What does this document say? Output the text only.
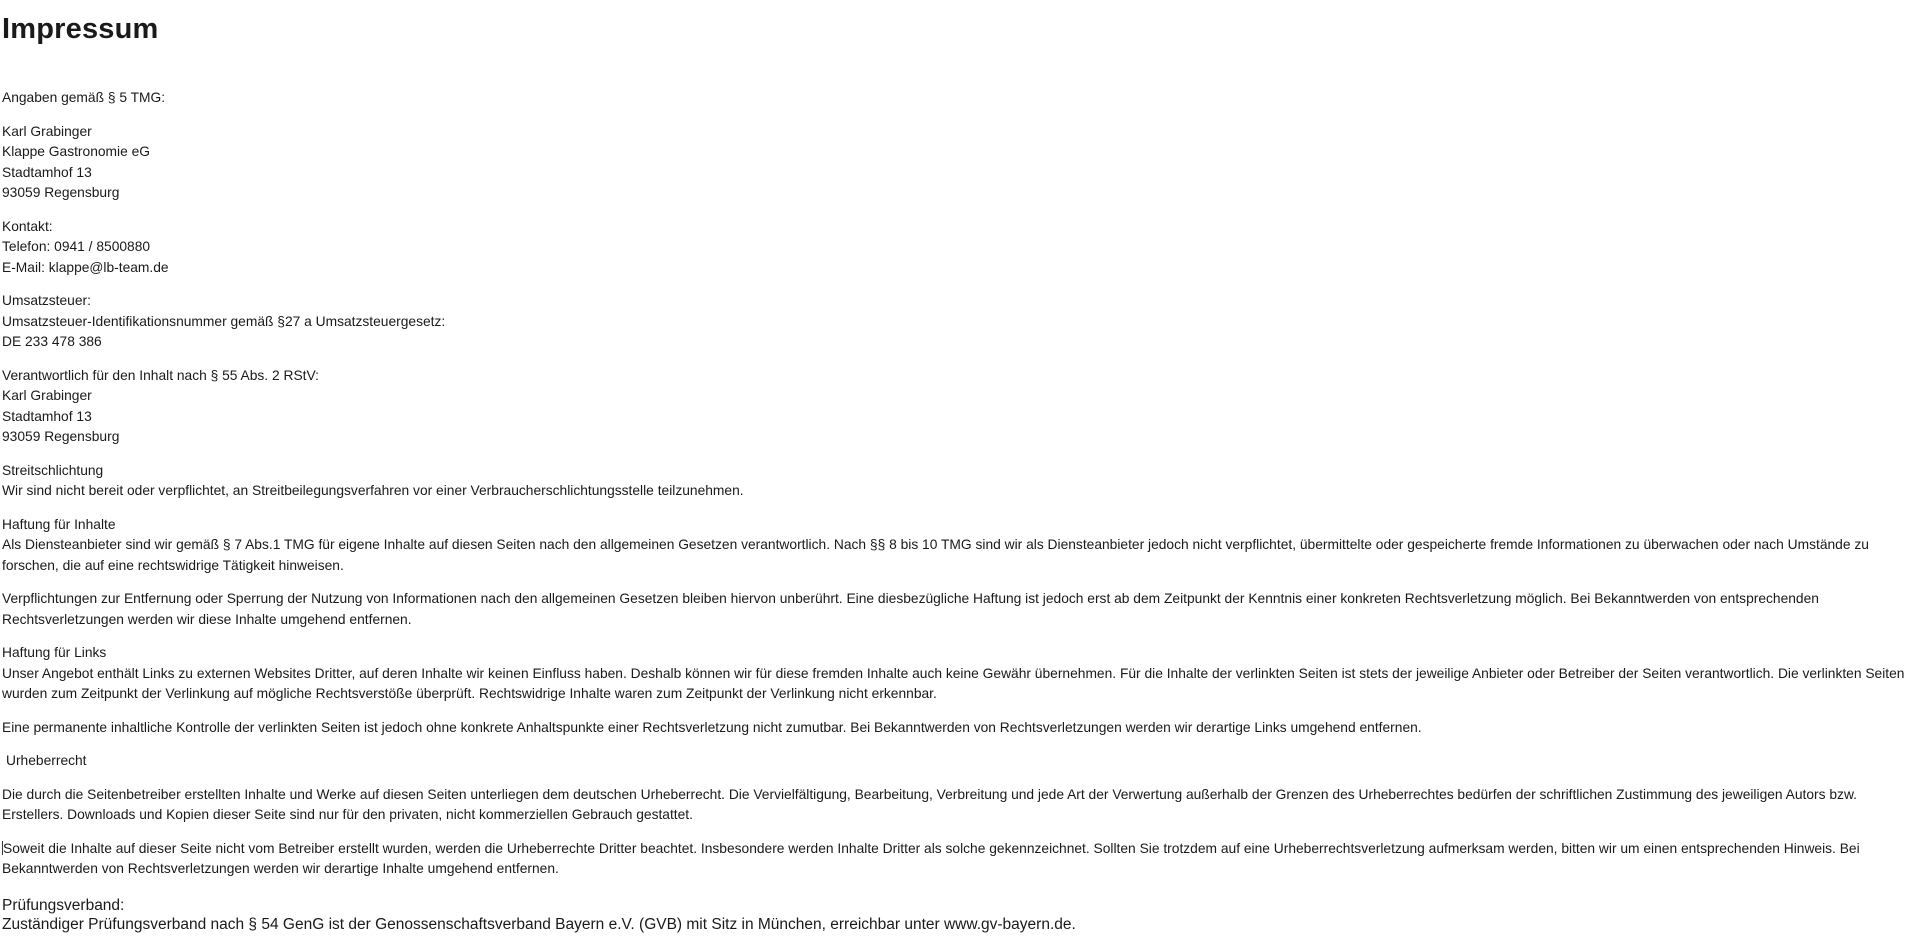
Impressum

Angaben gemäß § 5 TMG:

Karl Grabinger
Klappe Gastronomie eG
Stadtamhof 13
93059 Regensburg

Kontakt:
Telefon: 0941 / 8500880
E-Mail: klappe@lb-team.de

Umsatzsteuer:
Umsatzsteuer-Identifikationsnummer gemäß §27 a Umsatzsteuergesetz:
DE 233 478 386

Verantwortlich für den Inhalt nach § 55 Abs. 2 RStV:
Karl Grabinger
Stadtamhof 13
93059 Regensburg

Streitschlichtung
Wir sind nicht bereit oder verpflichtet, an Streitbeilegungsverfahren vor einer Verbraucherschlichtungsstelle teilzunehmen.

Haftung für Inhalte
Als Diensteanbieter sind wir gemäß § 7 Abs.1 TMG für eigene Inhalte auf diesen Seiten nach den allgemeinen Gesetzen verantwortlich. Nach §§ 8 bis 10 TMG sind wir als Diensteanbieter jedoch nicht verpflichtet, übermittelte oder gespeicherte fremde Informationen zu überwachen oder nach Umstände zu forschen, die auf eine rechtswidrige Tätigkeit hinweisen.

Verpflichtungen zur Entfernung oder Sperrung der Nutzung von Informationen nach den allgemeinen Gesetzen bleiben hiervon unberührt. Eine diesbezügliche Haftung ist jedoch erst ab dem Zeitpunkt der Kenntnis einer konkreten Rechtsverletzung möglich. Bei Bekanntwerden von entsprechenden Rechtsverletzungen werden wir diese Inhalte umgehend entfernen.

Haftung für Links
Unser Angebot enthält Links zu externen Websites Dritter, auf deren Inhalte wir keinen Einfluss haben. Deshalb können wir für diese fremden Inhalte auch keine Gewähr übernehmen. Für die Inhalte der verlinkten Seiten ist stets der jeweilige Anbieter oder Betreiber der Seiten verantwortlich. Die verlinkten Seiten wurden zum Zeitpunkt der Verlinkung auf mögliche Rechtsverstöße überprüft. Rechtswidrige Inhalte waren zum Zeitpunkt der Verlinkung nicht erkennbar.

Eine permanente inhaltliche Kontrolle der verlinkten Seiten ist jedoch ohne konkrete Anhaltspunkte einer Rechtsverletzung nicht zumutbar. Bei Bekanntwerden von Rechtsverletzungen werden wir derartige Links umgehend entfernen.

Urheberrecht

Die durch die Seitenbetreiber erstellten Inhalte und Werke auf diesen Seiten unterliegen dem deutschen Urheberrecht. Die Vervielfältigung, Bearbeitung, Verbreitung und jede Art der Verwertung außerhalb der Grenzen des Urheberrechtes bedürfen der schriftlichen Zustimmung des jeweiligen Autors bzw. Erstellers. Downloads und Kopien dieser Seite sind nur für den privaten, nicht kommerziellen Gebrauch gestattet.

Soweit die Inhalte auf dieser Seite nicht vom Betreiber erstellt wurden, werden die Urheberrechte Dritter beachtet. Insbesondere werden Inhalte Dritter als solche gekennzeichnet. Sollten Sie trotzdem auf eine Urheberrechtsverletzung aufmerksam werden, bitten wir um einen entsprechenden Hinweis. Bei Bekanntwerden von Rechtsverletzungen werden wir derartige Inhalte umgehend entfernen.

Prüfungsverband:
Zuständiger Prüfungsverband nach § 54 GenG ist der Genossenschaftsverband Bayern e.V. (GVB) mit Sitz in München, erreichbar unter www.gv-bayern.de.
